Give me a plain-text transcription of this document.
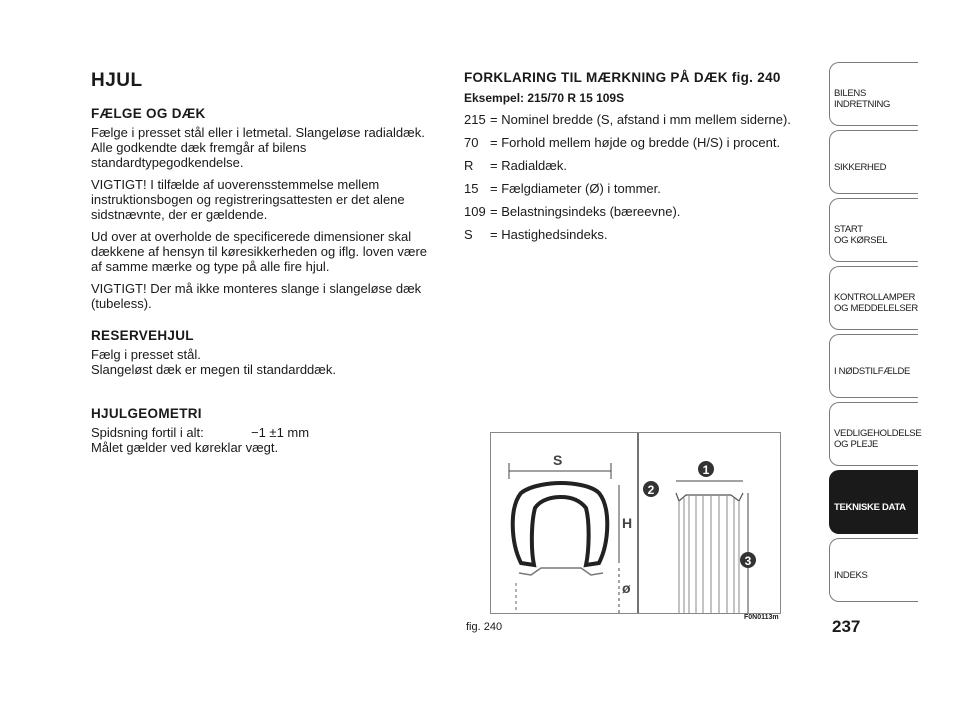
HJUL
FÆLGE OG DÆK

Fælge i presset stål eller i letmetal. Slangeløse radialdæk. Alle godkendte dæk fremgår af bilens standardtypegodkendelse.

VIGTIGT! I tilfælde af uoverensstemmelse mellem instruktionsbogen og registreringsattesten er det alene sidstnævnte, der er gældende.

Ud over at overholde de specificerede dimensioner skal dækkene af hensyn til køresikkerheden og iflg. loven være af samme mærke og type på alle fire hjul.

VIGTIGT! Der må ikke monteres slange i slangeløse dæk (tubeless).

RESERVEHJUL
Fælg i presset stål.
Slangeløst dæk er megen til standarddæk.
HJULGEOMETRI
Spidsning fortil i alt:	−1 ±1 mm
Målet gælder ved køreklar vægt.
FORKLARING TIL MÆRKNING PÅ DÆK fig. 240
Eksempel: 215/70 R 15 109S
215 = Nominel bredde (S, afstand i mm mellem siderne).
70 = Forhold mellem højde og bredde (H/S) i procent.
R	= Radialdæk.
15 = Fælgdiameter (Ø) i tommer.
109 = Belastningsindeks (bæreevne).
S	= Hastighedsindeks.
S
H
ø
1
2
3
fig. 240
F0N0113m
BILENS
INDRETNING
SIKKERHED
START
OG KØRSEL
KONTROLLAMPER
OG MEDDELELSER
I NØDSTILFÆLDE
VEDLIGEHOLDELSE
OG PLEJE
TEKNISKE DATA
INDEKS
237
